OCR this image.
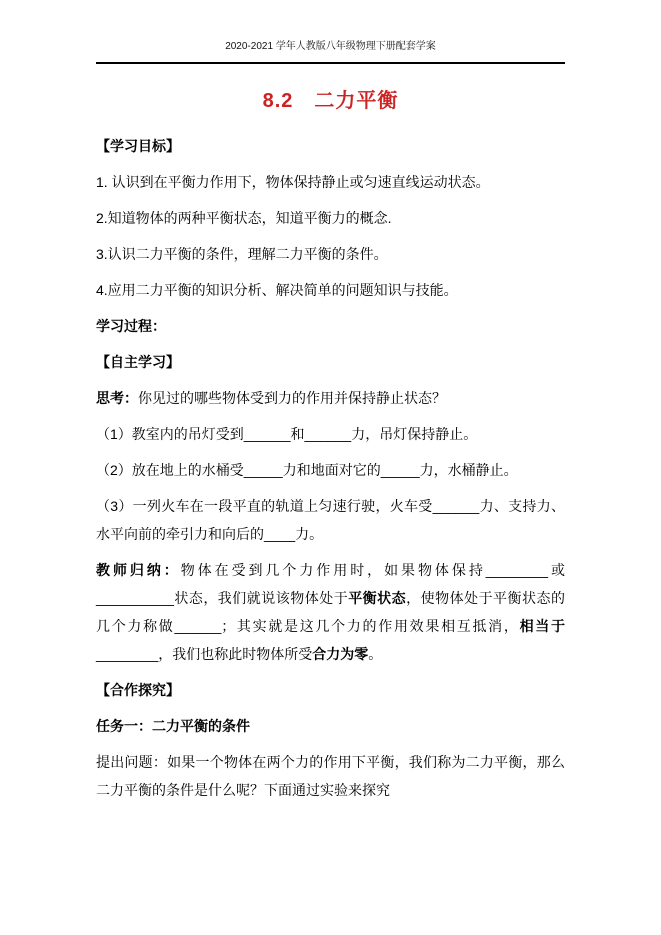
2020-2021 学年人教版八年级物理下册配套学案
8.2　二力平衡

【学习目标】

1. 认识到在平衡力作用下，物体保持静止或匀速直线运动状态。

2.知道物体的两种平衡状态，知道平衡力的概念.

3.认识二力平衡的条件，理解二力平衡的条件。

4.应用二力平衡的知识分析、解决简单的问题知识与技能。

学习过程：

【自主学习】

思考：你见过的哪些物体受到力的作用并保持静止状态？

（1）教室内的吊灯受到______和______力，吊灯保持静止。

（2）放在地上的水桶受_____力和地面对它的_____力，水桶静止。

（3）一列火车在一段平直的轨道上匀速行驶，火车受______力、支持力、水平向前的牵引力和向后的____力。

教师归纳：物体在受到几个力作用时，如果物体保持________或__________状态，我们就说该物体处于平衡状态，使物体处于平衡状态的几个力称做______；其实就是这几个力的作用效果相互抵消，相当于________，我们也称此时物体所受合力为零。

【合作探究】

任务一：二力平衡的条件

提出问题：如果一个物体在两个力的作用下平衡，我们称为二力平衡，那么二力平衡的条件是什么呢？下面通过实验来探究
